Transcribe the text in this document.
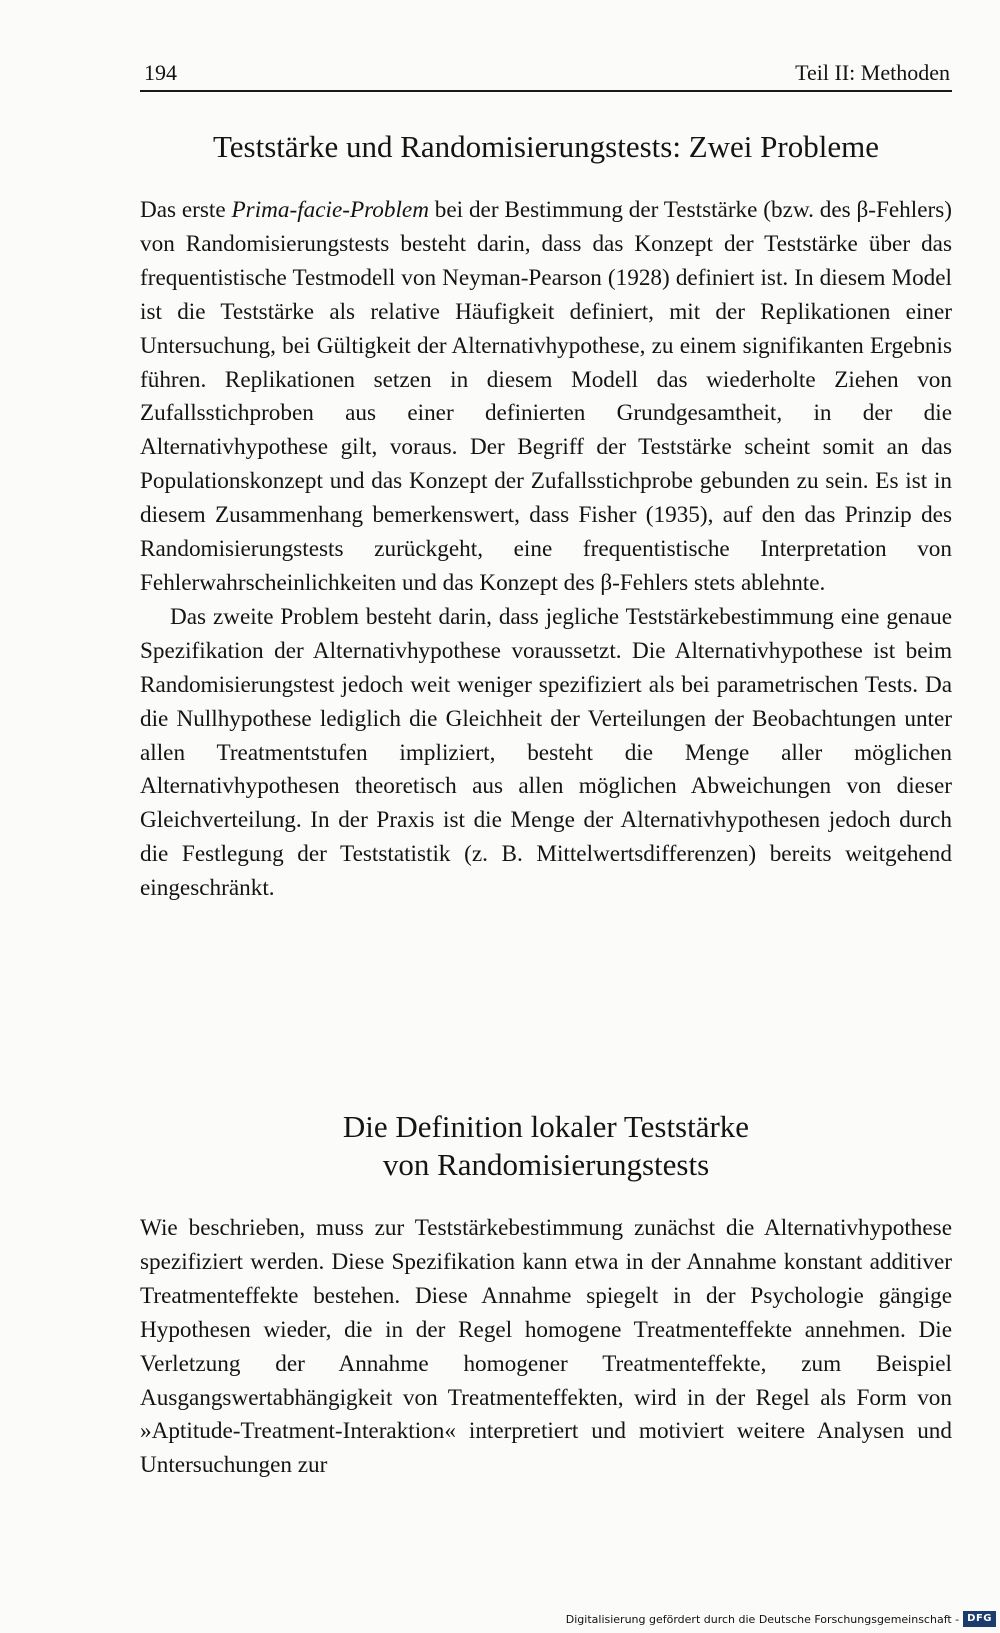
194	Teil II: Methoden
Teststärke und Randomisierungstests: Zwei Probleme

Das erste Prima-facie-Problem bei der Bestimmung der Teststärke (bzw. des β-Fehlers) von Randomisierungstests besteht darin, dass das Konzept der Teststärke über das frequentistische Testmodell von Neyman-Pearson (1928) definiert ist. In diesem Model ist die Teststärke als relative Häufigkeit definiert, mit der Replikationen einer Untersuchung, bei Gültigkeit der Alternativhypothese, zu einem signifikanten Ergebnis führen. Replikationen setzen in diesem Modell das wiederholte Ziehen von Zufallsstichproben aus einer definierten Grundgesamtheit, in der die Alternativhypothese gilt, voraus. Der Begriff der Teststärke scheint somit an das Populationskonzept und das Konzept der Zufallsstichprobe gebunden zu sein. Es ist in diesem Zusammenhang bemerkenswert, dass Fisher (1935), auf den das Prinzip des Randomisierungstests zurückgeht, eine frequentistische Interpretation von Fehlerwahrscheinlichkeiten und das Konzept des β-Fehlers stets ablehnte.

Das zweite Problem besteht darin, dass jegliche Teststärkebestimmung eine genaue Spezifikation der Alternativhypothese voraussetzt. Die Alternativhypothese ist beim Randomisierungstest jedoch weit weniger spezifiziert als bei parametrischen Tests. Da die Nullhypothese lediglich die Gleichheit der Verteilungen der Beobachtungen unter allen Treatmentstufen impliziert, besteht die Menge aller möglichen Alternativhypothesen theoretisch aus allen möglichen Abweichungen von dieser Gleichverteilung. In der Praxis ist die Menge der Alternativhypothesen jedoch durch die Festlegung der Teststatistik (z. B. Mittelwertsdifferenzen) bereits weitgehend eingeschränkt.

Die Definition lokaler Teststärke
von Randomisierungstests

Wie beschrieben, muss zur Teststärkebestimmung zunächst die Alternativhypothese spezifiziert werden. Diese Spezifikation kann etwa in der Annahme konstant additiver Treatmenteffekte bestehen. Diese Annahme spiegelt in der Psychologie gängige Hypothesen wieder, die in der Regel homogene Treatmenteffekte annehmen. Die Verletzung der Annahme homogener Treatmenteffekte, zum Beispiel Ausgangswertabhängigkeit von Treatmenteffekten, wird in der Regel als Form von »Aptitude-Treatment-Interaktion« interpretiert und motiviert weitere Analysen und Untersuchungen zur

Digitalisierung gefördert durch die Deutsche Forschungsgemeinschaft - DFG
